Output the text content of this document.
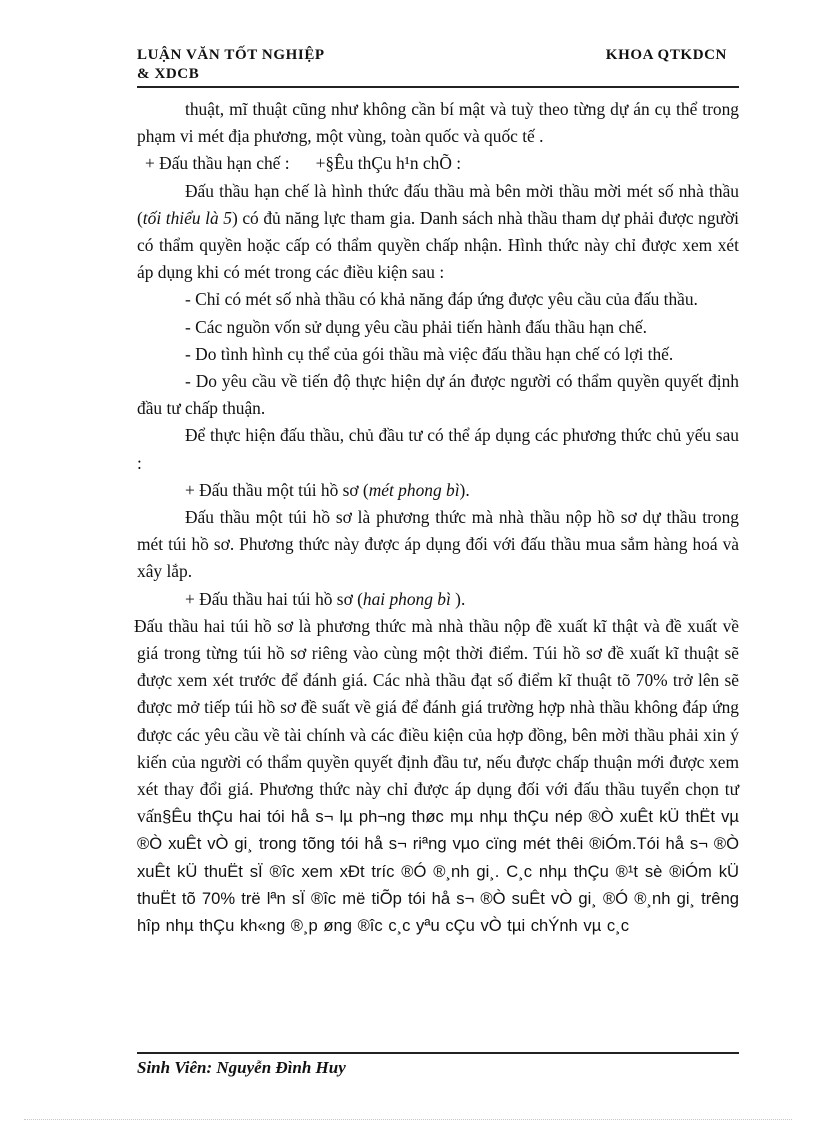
LUẬN VĂN TỐT NGHIỆP
& XDCB
KHOA QTKDCN

thuật, mĩ thuật cũng như không cần bí mật và tuỳ theo từng dự án cụ thể trong phạm vi mét địa phương, một vùng, toàn quốc và quốc tế .

+ Đấu thầu hạn chế :      +§Êu thÇu h¹n chÕ :

Đấu thầu hạn chế là hình thức đấu thầu mà bên mời thầu mời mét số nhà thầu (tối thiểu là 5) có đủ năng lực tham gia. Danh sách nhà thầu tham dự phải được người có thẩm quyền hoặc cấp có thẩm quyền chấp nhận. Hình thức này chỉ được xem xét áp dụng khi có mét trong các điều kiện sau :

- Chỉ có mét số nhà thầu có khả năng đáp ứng được yêu cầu của đấu thầu.

- Các nguồn vốn sử dụng yêu cầu phải tiến hành đấu thầu hạn chế.

- Do tình hình cụ thể của gói thầu mà việc đấu thầu hạn chế có lợi thế.

- Do yêu cầu về tiến độ thực hiện dự án được người có thẩm quyền quyết định đầu tư chấp thuận.

Để thực hiện đấu thầu, chủ đầu tư có thể áp dụng các phương thức chủ yếu sau :

+ Đấu thầu một túi hồ sơ (mét phong bì).

Đấu thầu một túi hồ sơ là phương thức mà nhà thầu nộp hồ sơ dự thầu trong mét túi hồ sơ. Phương thức này được áp dụng đối với đấu thầu mua sắm hàng hoá và xây lắp.

+ Đấu thầu hai túi hồ sơ (hai phong bì ).

Đấu thầu hai túi hồ sơ là phương thức mà nhà thầu nộp đề xuất kĩ thật và đề xuất về giá trong từng túi hồ sơ riêng vào cùng một thời điểm. Túi hồ sơ đề xuất kĩ thuật sẽ được xem xét trước để đánh giá. Các nhà thầu đạt số điểm kĩ thuật tõ 70% trở lên sẽ được mở tiếp túi hồ sơ đề suất về giá để đánh giá trường hợp nhà thầu không đáp ứng được các yêu cầu về tài chính và các điều kiện của hợp đồng, bên mời thầu phải xin ý kiến của người có thẩm quyền quyết định đầu tư, nếu được chấp thuận mới được xem xét thay đổi giá. Phương thức này chỉ được áp dụng đối với đấu thầu tuyển chọn tư vấn§Êu thÇu hai tói hå s¬ lµ ph¬ng thøc mµ nhµ thÇu nép ®Ò xuÊt kÜ thËt vµ ®Ò xuÊt vÒ gi¸ trong tõng tói hå s¬ riªng vµo cïng mét thêi ®iÓm.Tói hå s¬ ®Ò xuÊt kÜ thuËt sÏ ®îc xem xÐt tríc ®Ó ®¸nh gi¸. C¸c nhµ thÇu ®¹t sè ®iÓm kÜ thuËt tõ 70% trë lªn sÏ ®îc më tiÕp tói hå s¬ ®Ò suÊt vÒ gi¸ ®Ó ®¸nh gi¸ trêng hîp nhµ thÇu kh«ng ®¸p øng ®îc c¸c yªu cÇu vÒ tµi chÝnh vµ c¸c

Sinh Viên: Nguyễn Đình Huy
